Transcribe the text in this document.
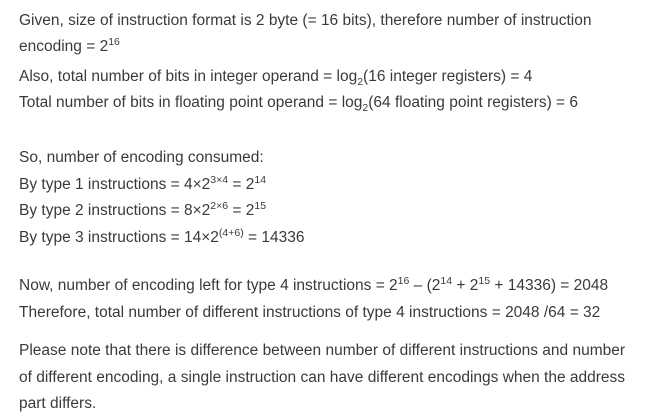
Given, size of instruction format is 2 byte (= 16 bits), therefore number of instruction
encoding = $2^{16}$
Also, total number of bits in integer operand = $\log_2(16$ integer registers) = 4
Total number of bits in floating point operand = $\log_2(64$ floating point registers) = 6
So, number of encoding consumed:
By type 1 instructions = $4\times 2^{3\times 4} = 2^{14}$
By type 2 instructions = $8\times 2^{2\times 6} = 2^{15}$
By type 3 instructions = $14\times 2^{(4+6)} = 14336$
Now, number of encoding left for type 4 instructions = $2^{16} - (2^{14} + 2^{15} + 14336) = 2048$
Therefore, total number of different instructions of type 4 instructions = 2048 /64 = 32
Please note that there is difference between number of different instructions and number
of different encoding, a single instruction can have different encodings when the address
part differs.
